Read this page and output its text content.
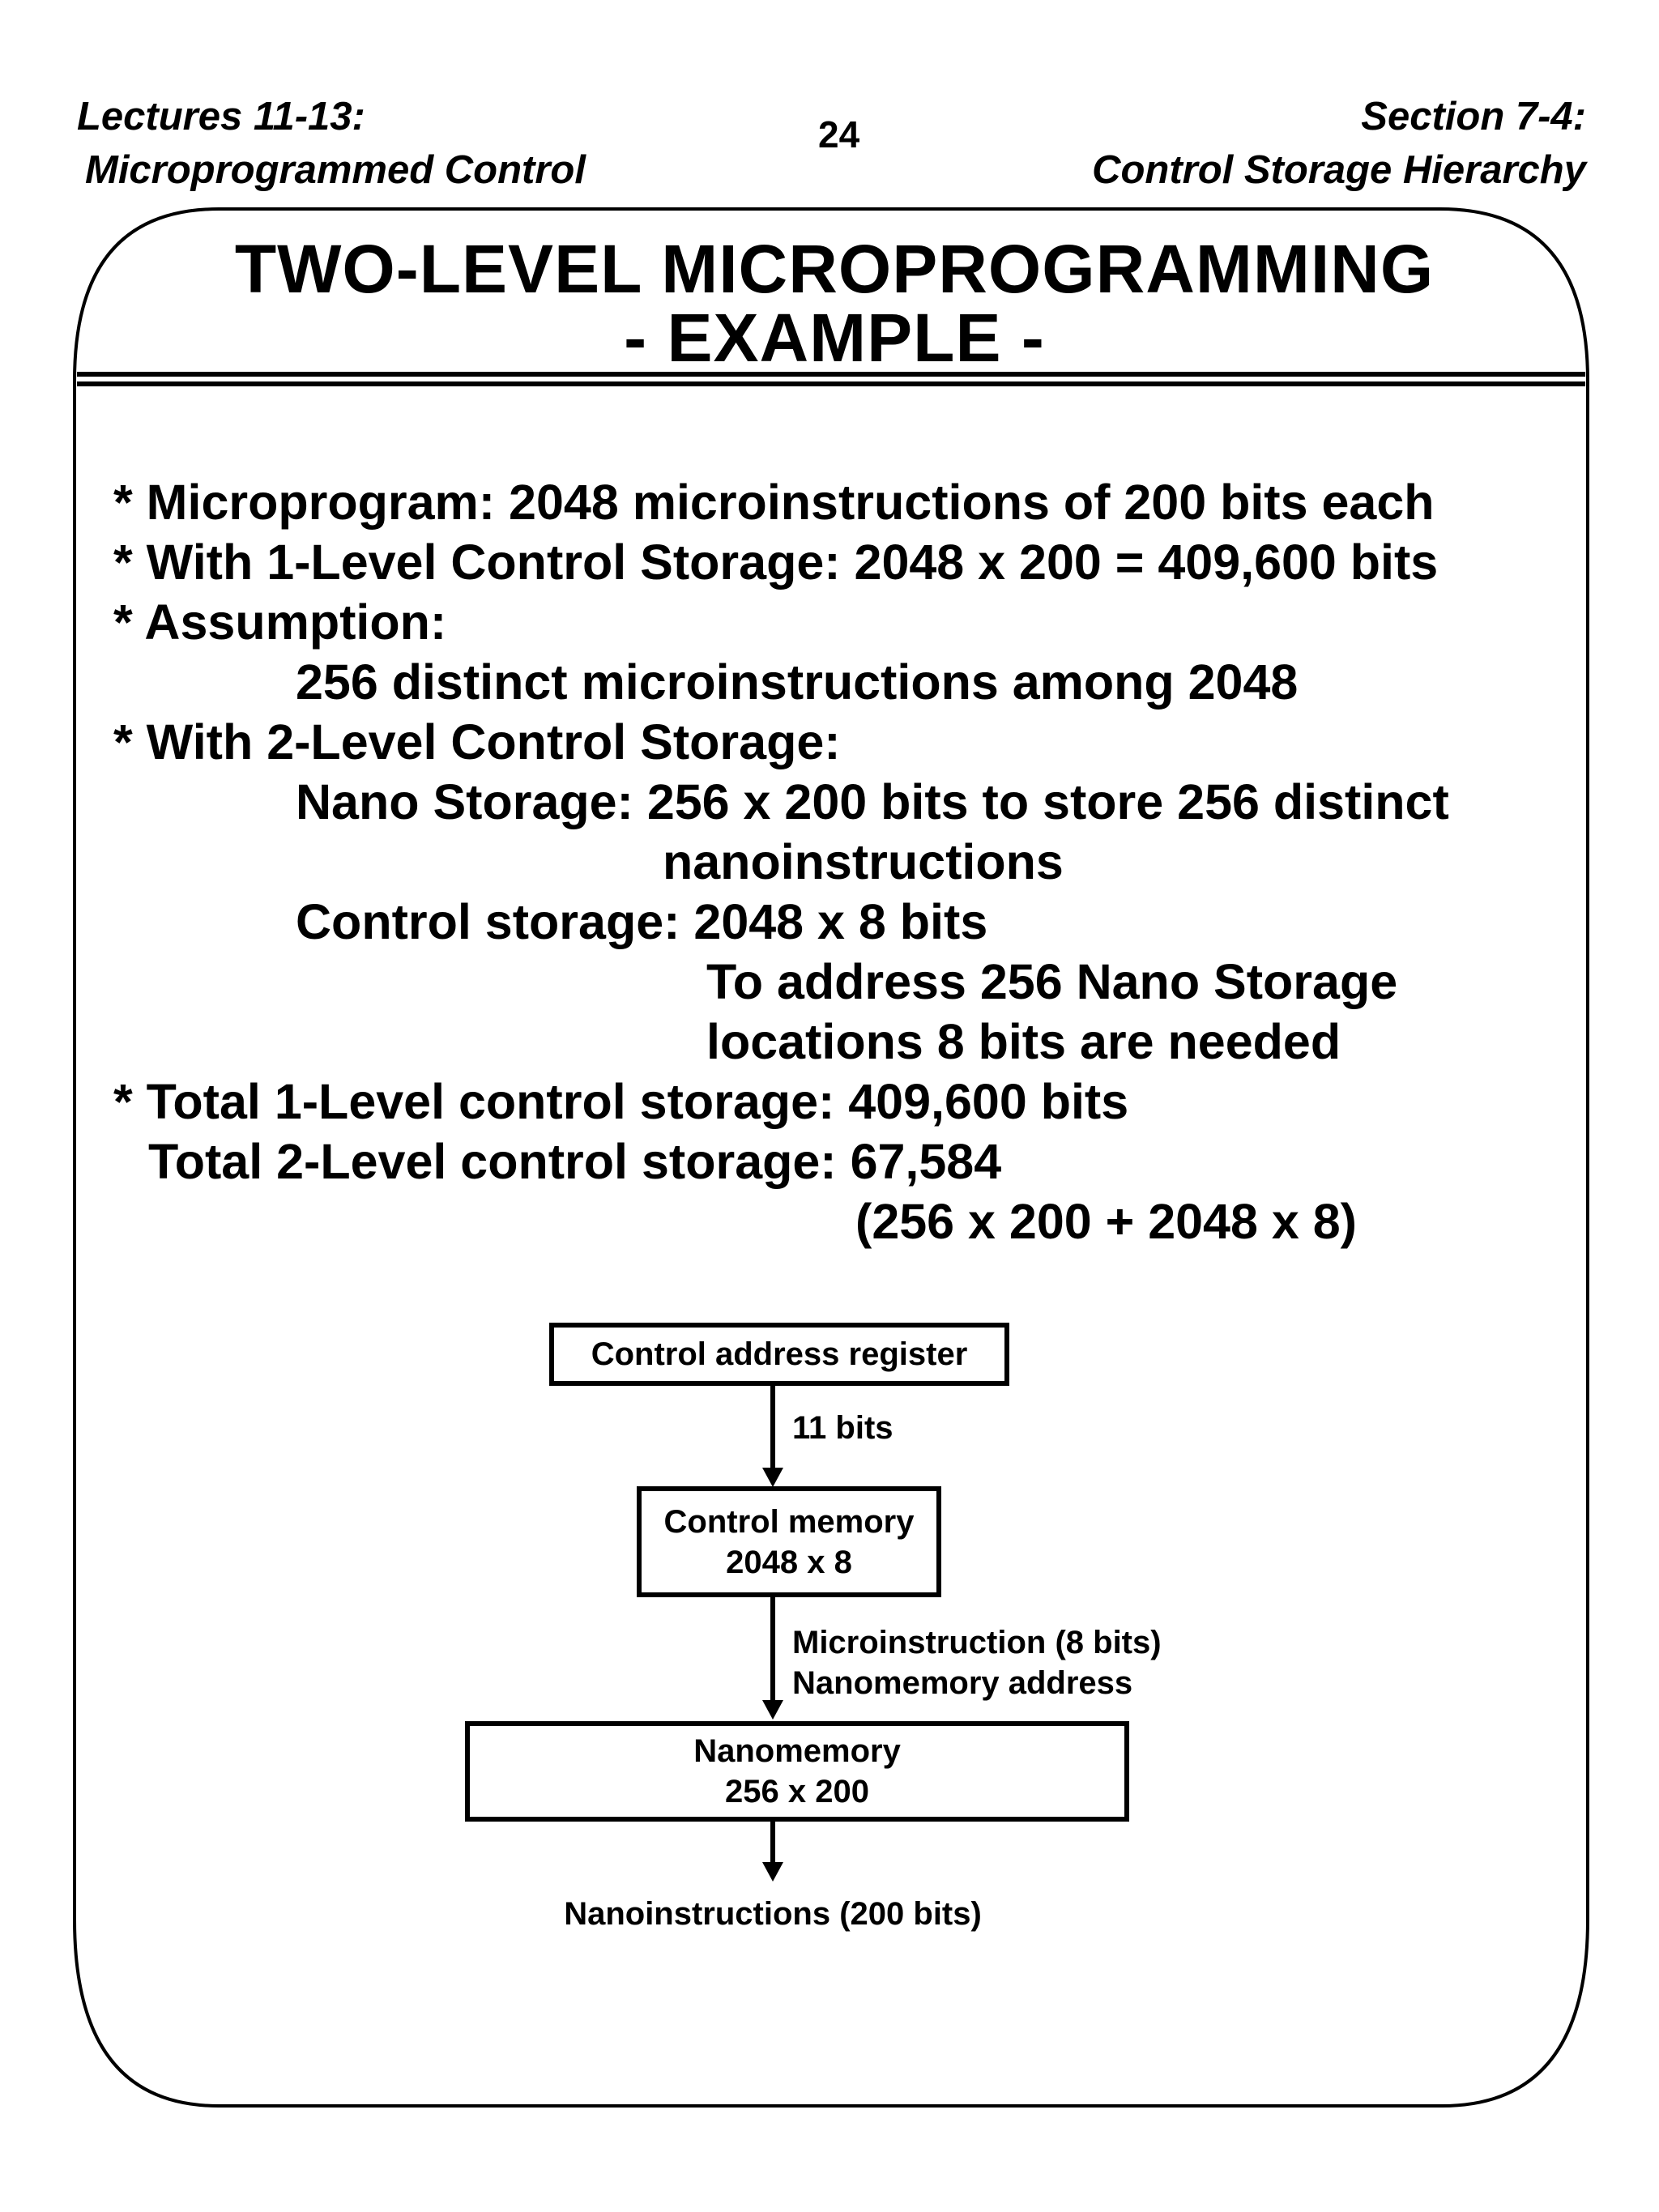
Lectures 11-13:
Microprogrammed Control
24	Section 7-4:
Control Storage Hierarchy
TWO-LEVEL MICROPROGRAMMING
- EXAMPLE -
* Microprogram: 2048 microinstructions of 200 bits each
* With 1-Level Control Storage: 2048 x 200 = 409,600 bits
* Assumption:
256 distinct microinstructions among 2048
* With 2-Level Control Storage:
Nano Storage: 256 x 200 bits to store 256 distinct
nanoinstructions
Control storage: 2048 x 8 bits
To address 256 Nano Storage
locations 8 bits are needed
* Total 1-Level control storage: 409,600 bits
Total 2-Level control storage: 67,584
(256 x 200 + 2048 x 8)
Control address register
11 bits
Control memory
2048 x 8
Microinstruction (8 bits)
Nanomemory address
Nanomemory
256 x 200
Nanoinstructions (200 bits)
